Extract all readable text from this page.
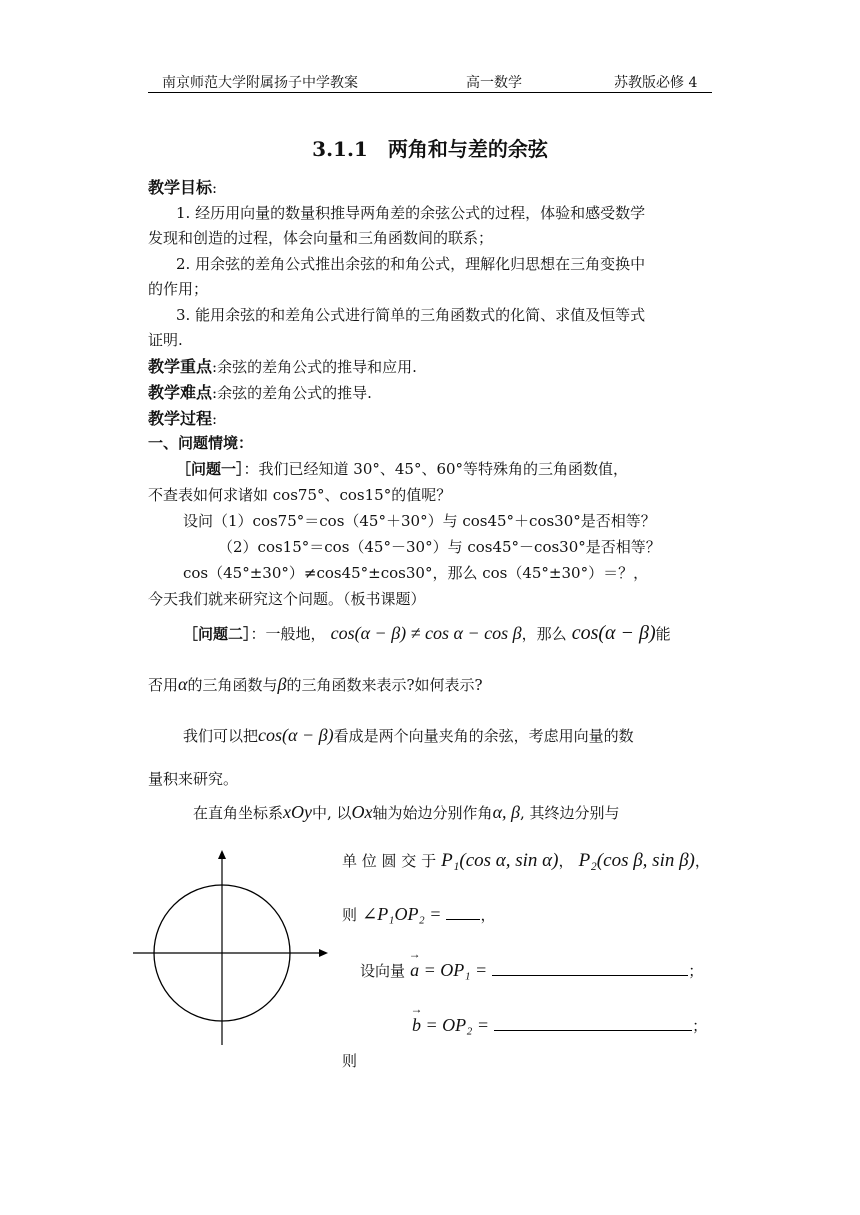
南京师范大学附属扬子中学教案	高一数学	苏教版必修 4
3.1.1　两角和与差的余弦
教学目标:
1. 经历用向量的数量积推导两角差的余弦公式的过程，体验和感受数学
发现和创造的过程，体会向量和三角函数间的联系；
2. 用余弦的差角公式推出余弦的和角公式，理解化归思想在三角变换中
的作用；
3. 能用余弦的和差角公式进行简单的三角函数式的化简、求值及恒等式
证明.
教学重点:余弦的差角公式的推导和应用.
教学难点:余弦的差角公式的推导.
教学过程:
一、问题情境：
［问题一］：我们已经知道 30°、45°、60°等特殊角的三角函数值，
不查表如何求诸如 cos75°、cos15°的值呢？
设问（1）cos75°＝cos（45°＋30°）与 cos45°＋cos30°是否相等？
（2）cos15°＝cos（45°－30°）与 cos45°－cos30°是否相等？
cos（45°±30°）≠cos45°±cos30°，那么 cos（45°±30°）＝？，
今天我们就来研究这个问题。（板书课题）
［问题二］：一般地， cos(α − β) ≠ cos α − cos β，那么 cos(α − β)能
否用α的三角函数与β的三角函数来表示?如何表示?
我们可以把cos(α − β)看成是两个向量夹角的余弦，考虑用向量的数
量积来研究。
在直角坐标系xOy中, 以Ox轴为始边分别作角α, β, 其终边分别与
单 位 圆 交 于 P₁(cos α, sin α)， P₂(cos β, sin β)，
则 ∠P₁OP₂ =	，
设向量 → a = OP₁ =	；
→ b = OP₂ =	；
则
